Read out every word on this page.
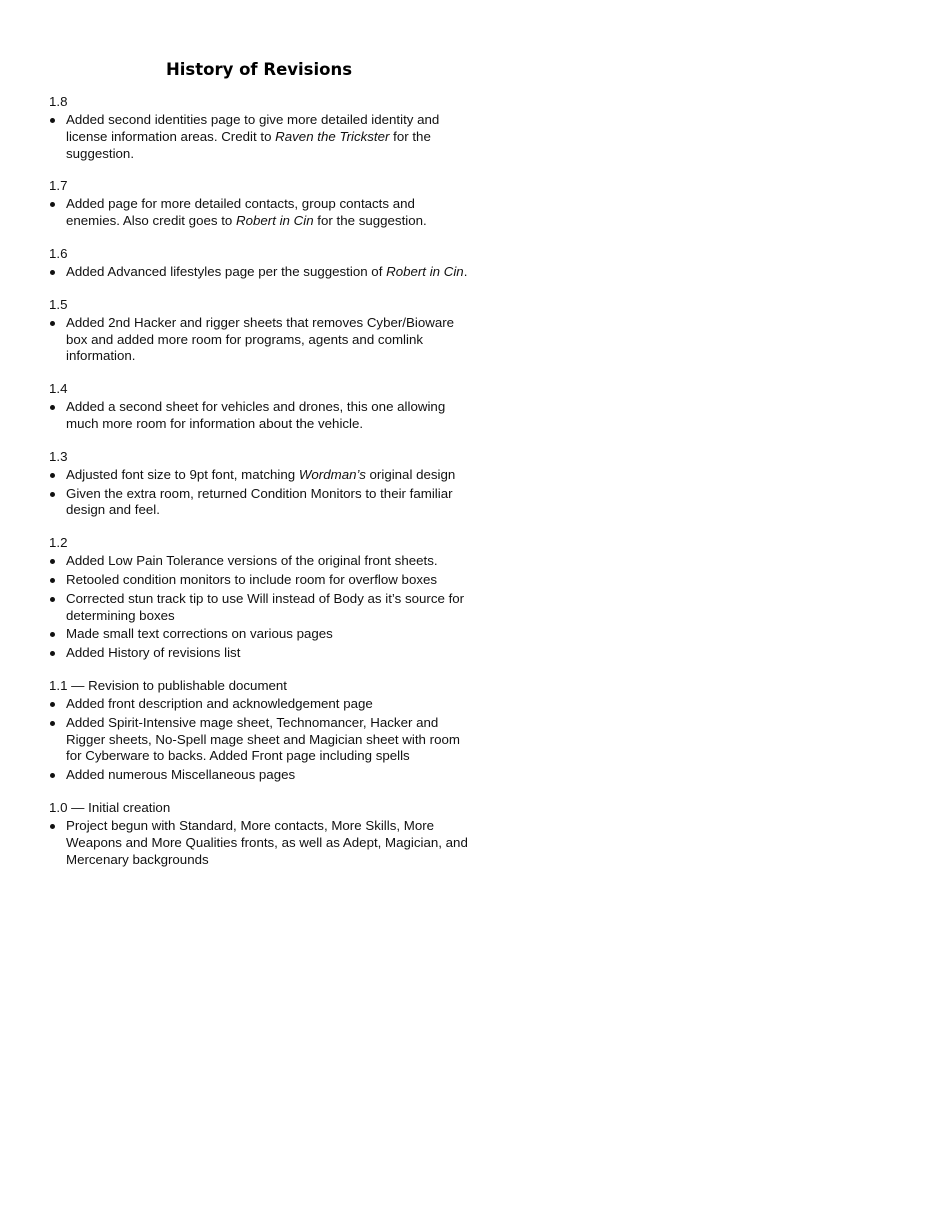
History of Revisions
1.8
Added second identities page to give more detailed identity and license information areas. Credit to Raven the Trickster for the suggestion.
1.7
Added page for more detailed contacts, group contacts and enemies. Also credit goes to Robert in Cin for the suggestion.
1.6
Added Advanced lifestyles page per the suggestion of Robert in Cin.
1.5
Added 2nd Hacker and rigger sheets that removes Cyber/Bioware box and added more room for programs, agents and comlink information.
1.4
Added a second sheet for vehicles and drones, this one allowing much more room for information about the vehicle.
1.3
Adjusted font size to 9pt font, matching Wordman’s original design
Given the extra room, returned Condition Monitors to their familiar design and feel.
1.2
Added Low Pain Tolerance versions of the original front sheets.
Retooled condition monitors to include room for overflow boxes
Corrected stun track tip to use Will instead of Body as it’s source for determining boxes
Made small text corrections on various pages
Added History of revisions list
1.1 — Revision to publishable document
Added front description and acknowledgement page
Added Spirit-Intensive mage sheet, Technomancer, Hacker and Rigger sheets, No-Spell mage sheet and Magician sheet with room for Cyberware to backs. Added Front page including spells
Added numerous Miscellaneous pages
1.0 — Initial creation
Project begun with Standard, More contacts, More Skills, More Weapons and More Qualities fronts, as well as Adept, Magician, and Mercenary backgrounds
